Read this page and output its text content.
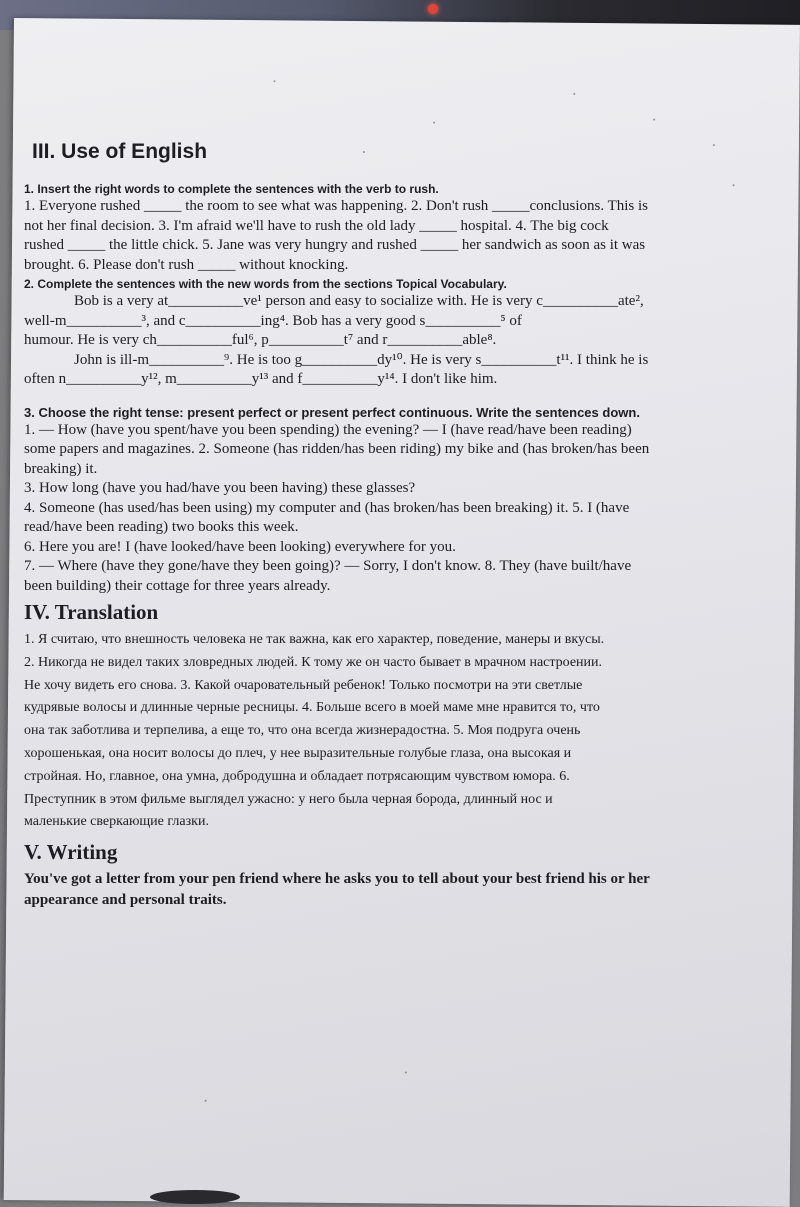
III. Use of English
1. Insert the right words to complete the sentences with the verb to rush.

1. Everyone rushed _____ the room to see what was happening. 2. Don't rush _____conclusions. This is

not her final decision. 3. I'm afraid we'll have to rush the old lady _____ hospital. 4. The big cock

rushed _____ the little chick. 5. Jane was very hungry and rushed _____ her sandwich as soon as it was

brought. 6. Please don't rush _____ without knocking.

2. Complete the sentences with the new words from the sections Topical Vocabulary.

Bob is a very at__________ve¹ person and easy to socialize with. He is very c__________ate²,

well-m__________³, and c__________ing⁴. Bob has a very good s__________⁵ of

humour. He is very ch__________ful⁶, p__________t⁷ and r__________able⁸.

John is ill-m__________⁹. He is too g__________dy¹⁰. He is very s__________t¹¹. I think he is

often n__________y¹², m__________y¹³ and f__________y¹⁴. I don't like him.

3. Choose the right tense: present perfect or present perfect continuous. Write the sentences down.

1. — How (have you spent/have you been spending) the evening? — I (have read/have been reading)

some papers and magazines. 2. Someone (has ridden/has been riding) my bike and (has broken/has been

breaking) it.

3. How long (have you had/have you been having) these glasses?

4. Someone (has used/has been using) my computer and (has broken/has been breaking) it. 5. I (have

read/have been reading) two books this week.

6. Here you are! I (have looked/have been looking) everywhere for you.

7. — Where (have they gone/have they been going)? — Sorry, I don't know. 8. They (have built/have

been building) their cottage for three years already.

IV. Translation

1. Я считаю, что внешность человека не так важна, как его характер, поведение, манеры и вкусы.

2. Никогда не видел таких зловредных людей. К тому же он часто бывает в мрачном настроении.

Не хочу видеть его снова. 3. Какой очаровательный ребенок! Только посмотри на эти светлые

кудрявые волосы и длинные черные ресницы. 4. Больше всего в моей маме мне нравится то, что

она так заботлива и терпелива, а еще то, что она всегда жизнерадостна. 5. Моя подруга очень

хорошенькая, она носит волосы до плеч, у нее выразительные голубые глаза, она высокая и

стройная. Но, главное, она умна, добродушна и обладает потрясающим чувством юмора. 6.

Преступник в этом фильме выглядел ужасно: у него была черная борода, длинный нос и

маленькие сверкающие глазки.

V. Writing

You've got a letter from your pen friend where he asks you to tell about your best friend his or her

appearance and personal traits.
